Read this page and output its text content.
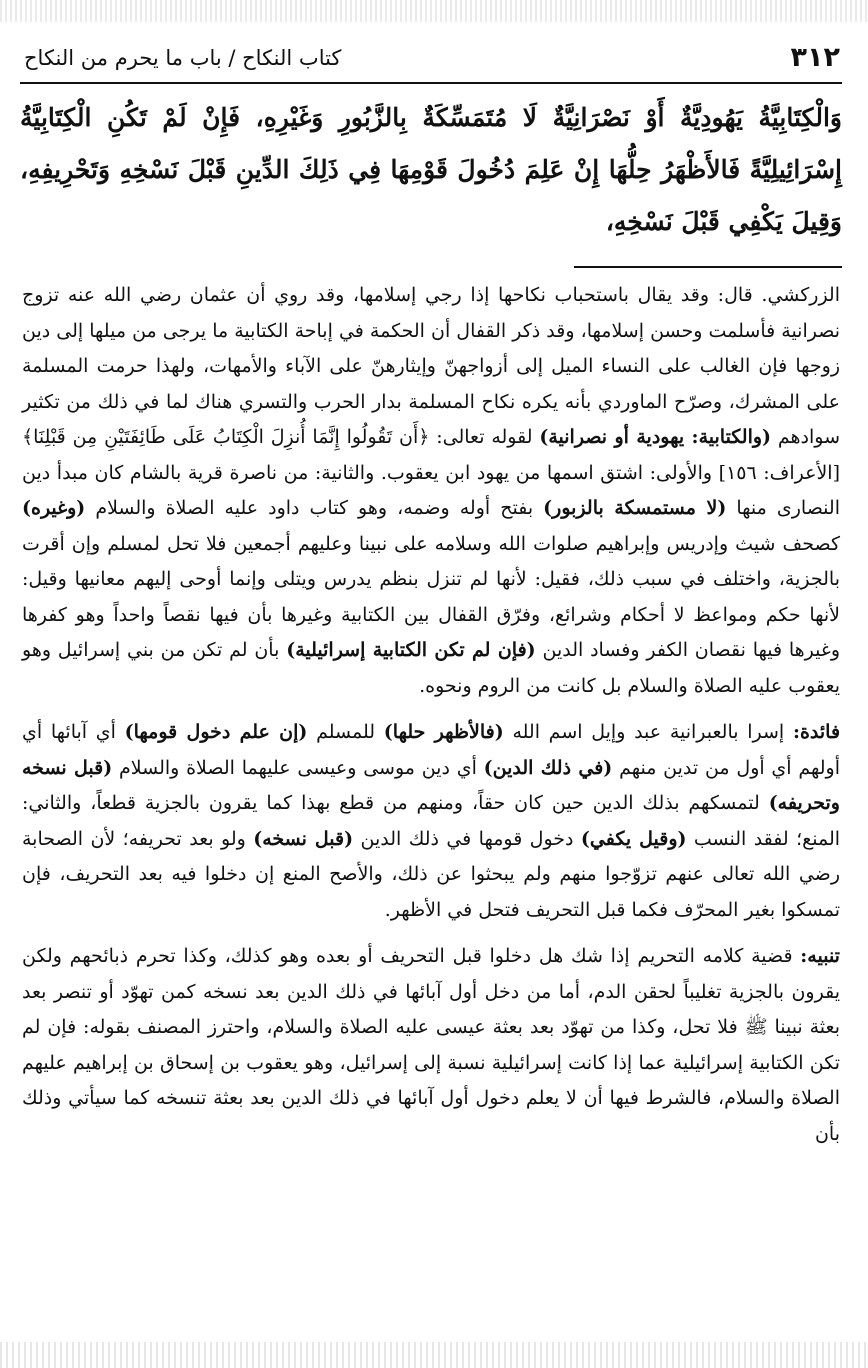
٣١٢
كتاب النكاح / باب ما يحرم من النكاح
وَالْكِتَابِيَّةُ يَهُودِيَّةٌ أَوْ نَصْرَانِيَّةٌ لَا مُتَمَسِّكَةٌ بِالزَّبُورِ وَغَيْرِهِ، فَإِنْ لَمْ تَكُنِ الْكِتَابِيَّةُ إِسْرَائِيلِيَّةً فَالأَظْهَرُ حِلُّهَا إِنْ عَلِمَ دُخُولَ قَوْمِهَا فِي ذَلِكَ الدِّينِ قَبْلَ نَسْخِهِ وَتَحْرِيفِهِ، وَقِيلَ يَكْفِي قَبْلَ نَسْخِهِ،

الزركشي. قال: وقد يقال باستحباب نكاحها إذا رجي إسلامها، وقد روي أن عثمان رضي الله عنه تزوج نصرانية فأسلمت وحسن إسلامها، وقد ذكر القفال أن الحكمة في إباحة الكتابية ما يرجى من ميلها إلى دين زوجها فإن الغالب على النساء الميل إلى أزواجهنّ وإيثارهنّ على الآباء والأمهات، ولهذا حرمت المسلمة على المشرك، وصرّح الماوردي بأنه يكره نكاح المسلمة بدار الحرب والتسري هناك لما في ذلك من تكثير سوادهم (والكتابية: يهودية أو نصرانية) لقوله تعالى: ﴿أَن تَقُولُوا إِنَّمَا أُنزِلَ الْكِتَابُ عَلَى طَائِفَتَيْنِ مِن قَبْلِنَا﴾ [الأعراف: ١٥٦] والأولى: اشتق اسمها من يهود ابن يعقوب. والثانية: من ناصرة قرية بالشام كان مبدأ دين النصارى منها (لا مستمسكة بالزبور) بفتح أوله وضمه، وهو كتاب داود عليه الصلاة والسلام (وغيره) كصحف شيث وإدريس وإبراهيم صلوات الله وسلامه على نبينا وعليهم أجمعين فلا تحل لمسلم وإن أقرت بالجزية، واختلف في سبب ذلك، فقيل: لأنها لم تنزل بنظم يدرس ويتلى وإنما أوحى إليهم معانيها وقيل: لأنها حكم ومواعظ لا أحكام وشرائع، وفرّق القفال بين الكتابية وغيرها بأن فيها نقصاً واحداً وهو كفرها وغيرها فيها نقصان الكفر وفساد الدين (فإن لم تكن الكتابية إسرائيلية) بأن لم تكن من بني إسرائيل وهو يعقوب عليه الصلاة والسلام بل كانت من الروم ونحوه.

فائدة: إسرا بالعبرانية عبد وإيل اسم الله (فالأظهر حلها) للمسلم (إن علم دخول قومها) أي آبائها أي أولهم أي أول من تدين منهم (في ذلك الدين) أي دين موسى وعيسى عليهما الصلاة والسلام (قبل نسخه وتحريفه) لتمسكهم بذلك الدين حين كان حقاً، ومنهم من قطع بهذا كما يقرون بالجزية قطعاً، والثاني: المنع؛ لفقد النسب (وقيل يكفي) دخول قومها في ذلك الدين (قبل نسخه) ولو بعد تحريفه؛ لأن الصحابة رضي الله تعالى عنهم تزوّجوا منهم ولم يبحثوا عن ذلك، والأصح المنع إن دخلوا فيه بعد التحريف، فإن تمسكوا بغير المحرّف فكما قبل التحريف فتحل في الأظهر.

تنبيه: قضية كلامه التحريم إذا شك هل دخلوا قبل التحريف أو بعده وهو كذلك، وكذا تحرم ذبائحهم ولكن يقرون بالجزية تغليباً لحقن الدم، أما من دخل أول آبائها في ذلك الدين بعد نسخه كمن تهوّد أو تنصر بعد بعثة نبينا ﷺ فلا تحل، وكذا من تهوّد بعد بعثة عيسى عليه الصلاة والسلام، واحترز المصنف بقوله: فإن لم تكن الكتابية إسرائيلية عما إذا كانت إسرائيلية نسبة إلى إسرائيل، وهو يعقوب بن إسحاق بن إبراهيم عليهم الصلاة والسلام، فالشرط فيها أن لا يعلم دخول أول آبائها في ذلك الدين بعد بعثة تنسخه كما سيأتي وذلك بأن
